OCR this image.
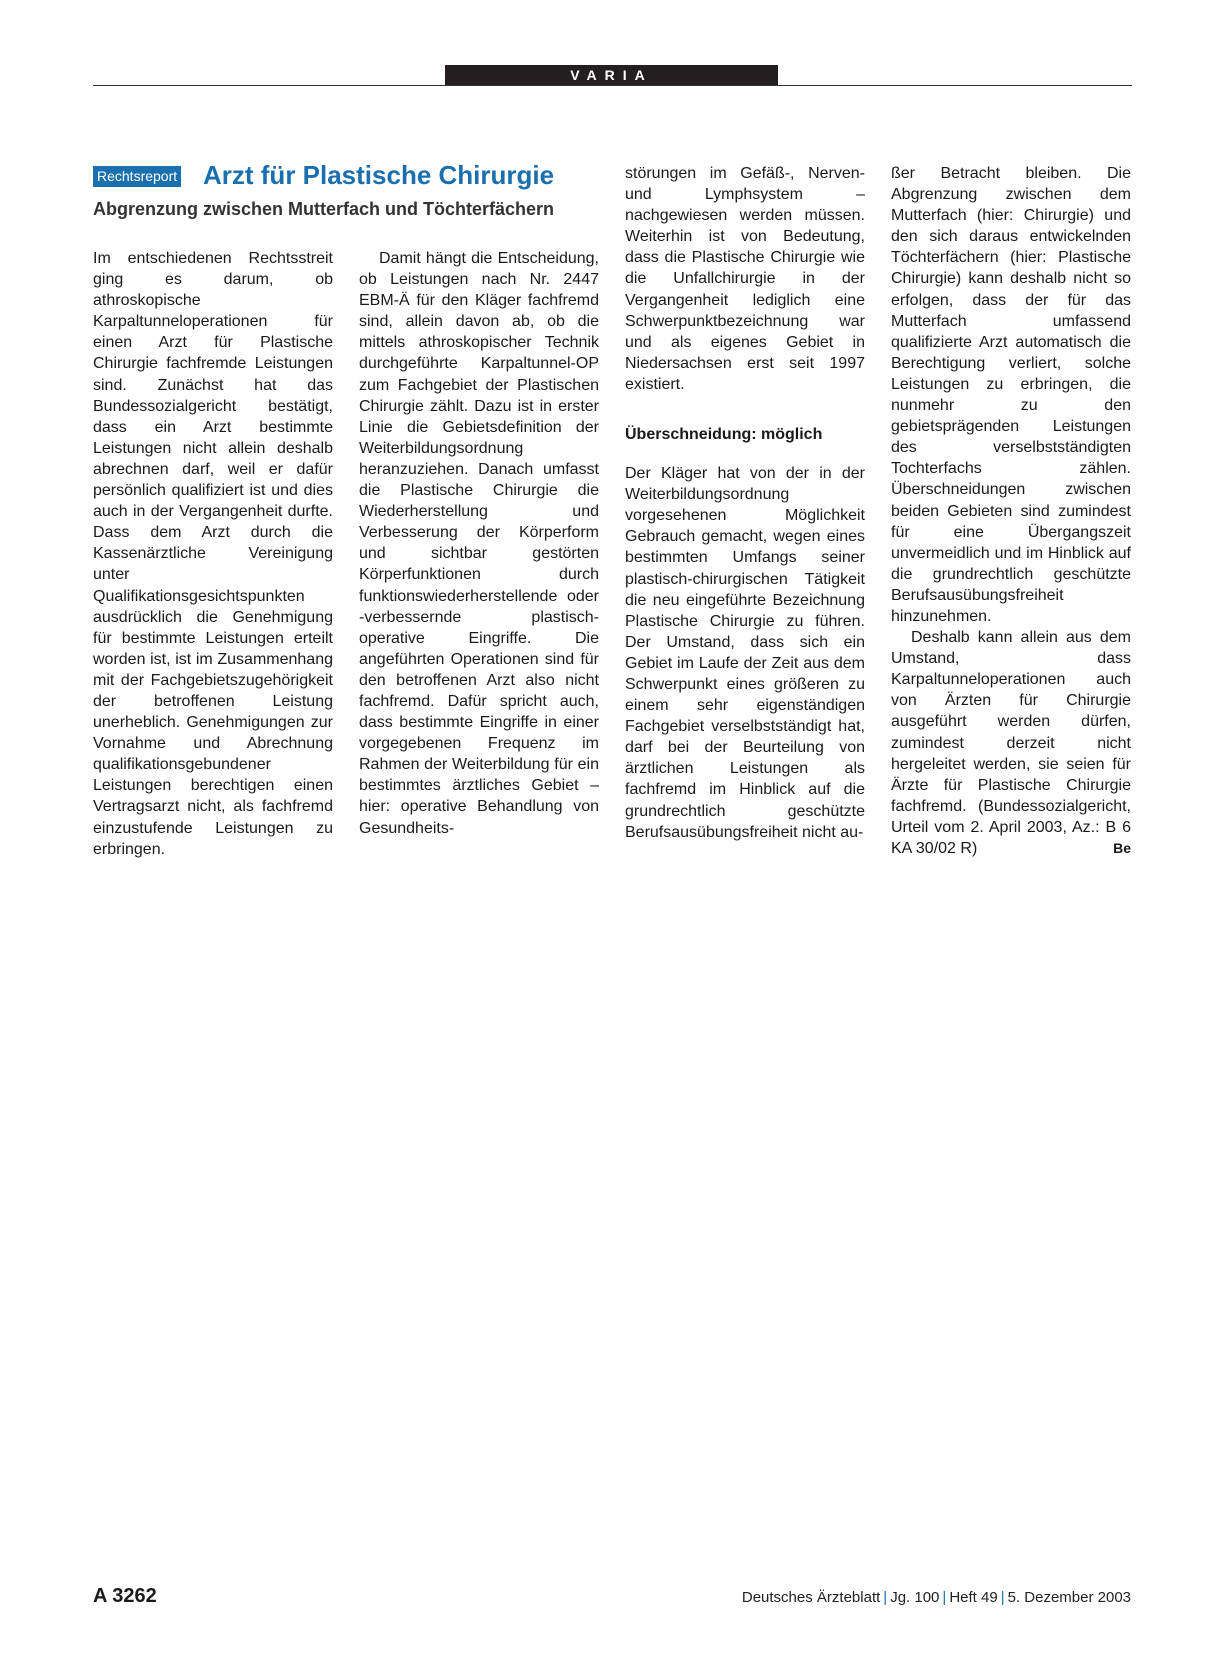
VARIA
Rechtsreport Arzt für Plastische Chirurgie
Abgrenzung zwischen Mutterfach und Töchterfächern

Im entschiedenen Rechtsstreit ging es darum, ob athroskopische Karpaltunneloperationen für einen Arzt für Plastische Chirurgie fachfremde Leistungen sind. Zunächst hat das Bundessozialgericht bestätigt, dass ein Arzt bestimmte Leistungen nicht allein deshalb abrechnen darf, weil er dafür persönlich qualifiziert ist und dies auch in der Vergangenheit durfte. Dass dem Arzt durch die Kassenärztliche Vereinigung unter Qualifikationsgesichtspunkten ausdrücklich die Genehmigung für bestimmte Leistungen erteilt worden ist, ist im Zusammenhang mit der Fachgebietszugehörigkeit der betroffenen Leistung unerheblich. Genehmigungen zur Vornahme und Abrechnung qualifikationsgebundener Leistungen berechtigen einen Vertragsarzt nicht, als fachfremd einzustufende Leistungen zu erbringen.

Damit hängt die Entscheidung, ob Leistungen nach Nr. 2447 EBM-Ä für den Kläger fachfremd sind, allein davon ab, ob die mittels athroskopischer Technik durchgeführte Karpaltunnel-OP zum Fachgebiet der Plastischen Chirurgie zählt. Dazu ist in erster Linie die Gebietsdefinition der Weiterbildungsordnung heranzuziehen. Danach umfasst die Plastische Chirurgie die Wiederherstellung und Verbesserung der Körperform und sichtbar gestörten Körperfunktionen durch funktionswiederherstellende oder -verbessernde plastisch-operative Eingriffe. Die angeführten Operationen sind für den betroffenen Arzt also nicht fachfremd. Dafür spricht auch, dass bestimmte Eingriffe in einer vorgegebenen Frequenz im Rahmen der Weiterbildung für ein bestimmtes ärztliches Gebiet – hier: operative Behandlung von Gesundheits-

störungen im Gefäß-, Nerven- und Lymphsystem – nachgewiesen werden müssen. Weiterhin ist von Bedeutung, dass die Plastische Chirurgie wie die Unfallchirurgie in der Vergangenheit lediglich eine Schwerpunktbezeichnung war und als eigenes Gebiet in Niedersachsen erst seit 1997 existiert.

Überschneidung: möglich

Der Kläger hat von der in der Weiterbildungsordnung vorgesehenen Möglichkeit Gebrauch gemacht, wegen eines bestimmten Umfangs seiner plastisch-chirurgischen Tätigkeit die neu eingeführte Bezeichnung Plastische Chirurgie zu führen. Der Umstand, dass sich ein Gebiet im Laufe der Zeit aus dem Schwerpunkt eines größeren zu einem sehr eigenständigen Fachgebiet verselbstständigt hat, darf bei der Beurteilung von ärztlichen Leistungen als fachfremd im Hinblick auf die grundrechtlich geschützte Berufsausübungsfreiheit nicht au-

ßer Betracht bleiben. Die Abgrenzung zwischen dem Mutterfach (hier: Chirurgie) und den sich daraus entwickelnden Töchterfächern (hier: Plastische Chirurgie) kann deshalb nicht so erfolgen, dass der für das Mutterfach umfassend qualifizierte Arzt automatisch die Berechtigung verliert, solche Leistungen zu erbringen, die nunmehr zu den gebietsprägenden Leistungen des verselbstständigten Tochterfachs zählen. Überschneidungen zwischen beiden Gebieten sind zumindest für eine Übergangszeit unvermeidlich und im Hinblick auf die grundrechtlich geschützte Berufsausübungsfreiheit hinzunehmen.

Deshalb kann allein aus dem Umstand, dass Karpaltunneloperationen auch von Ärzten für Chirurgie ausgeführt werden dürfen, zumindest derzeit nicht hergeleitet werden, sie seien für Ärzte für Plastische Chirurgie fachfremd. (Bundessozialgericht, Urteil vom 2. April 2003, Az.: B 6 KA 30/02 R)	Be

A 3262	Deutsches Ärzteblatt | Jg. 100 | Heft 49 | 5. Dezember 2003
